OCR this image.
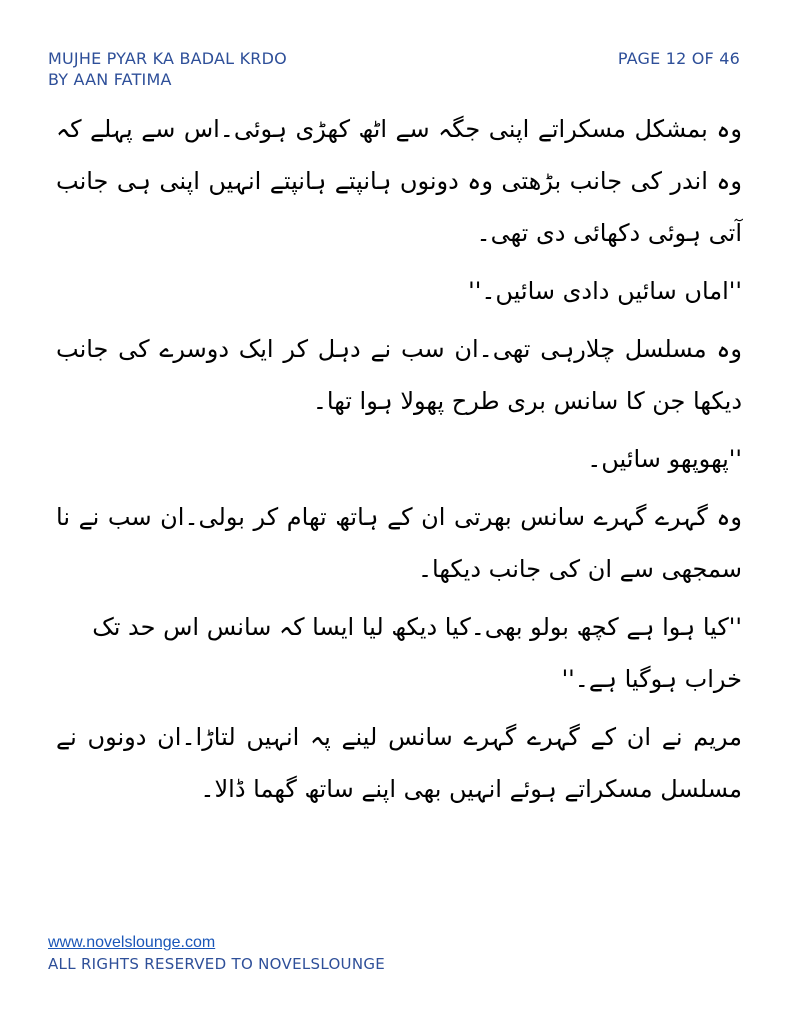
MUJHE PYAR KA BADAL KRDO
BY AAN FATIMA
PAGE 12 OF 46

وہ بمشکل مسکراتے اپنی جگہ سے اٹھ کھڑی ہوئی۔اس سے پہلے کہ وہ اندر کی جانب بڑھتی وہ دونوں ہانپتے ہانپتے انہیں اپنی ہی جانب آتی ہوئی دکھائی دی تھی۔

''اماں سائیں دادی سائیں۔''

وہ مسلسل چلارہی تھی۔ان سب نے دہل کر ایک دوسرے کی جانب دیکھا جن کا سانس بری طرح پھولا ہوا تھا۔

''پھوپھو سائیں۔

وہ گہرے گہرے سانس بھرتی ان کے ہاتھ تھام کر بولی۔ان سب نے نا سمجھی سے ان کی جانب دیکھا۔

''کیا ہوا ہے کچھ بولو بھی۔کیا دیکھ لیا ایسا کہ سانس اس حد تک خراب ہوگیا ہے۔''

مریم نے ان کے گہرے گہرے سانس لینے پہ انہیں لتاڑا۔ان دونوں نے مسلسل مسکراتے ہوئے انہیں بھی اپنے ساتھ گھما ڈالا۔

www.novelslounge.com
ALL RIGHTS RESERVED TO NOVELSLOUNGE
